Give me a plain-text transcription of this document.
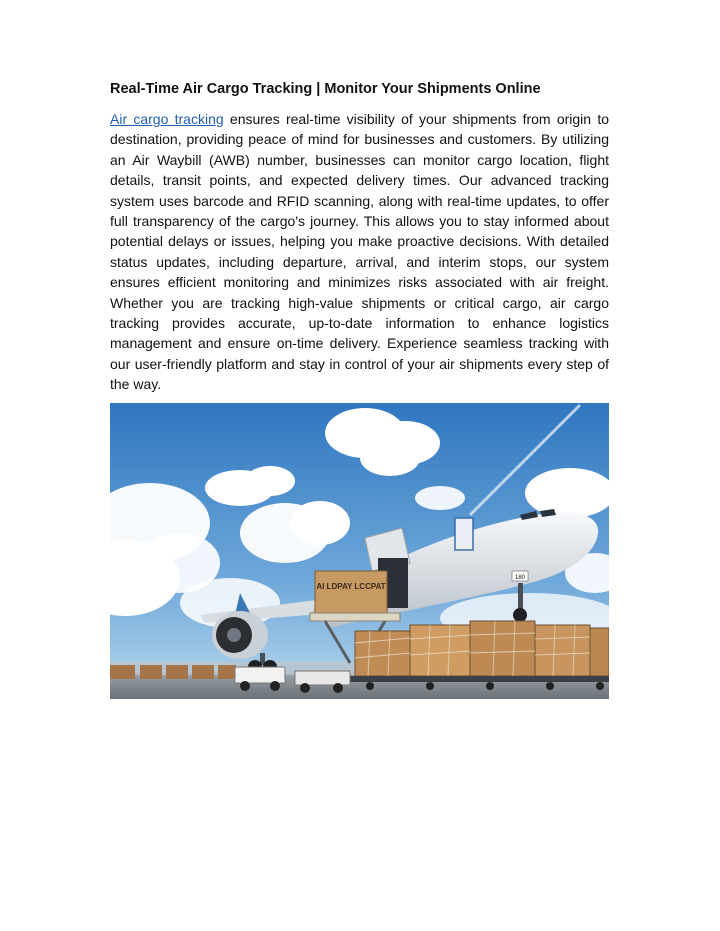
Real-Time Air Cargo Tracking | Monitor Your Shipments Online

Air cargo tracking ensures real-time visibility of your shipments from origin to destination, providing peace of mind for businesses and customers. By utilizing an Air Waybill (AWB) number, businesses can monitor cargo location, flight details, transit points, and expected delivery times. Our advanced tracking system uses barcode and RFID scanning, along with real-time updates, to offer full transparency of the cargo's journey. This allows you to stay informed about potential delays or issues, helping you make proactive decisions. With detailed status updates, including departure, arrival, and interim stops, our system ensures efficient monitoring and minimizes risks associated with air freight. Whether you are tracking high-value shipments or critical cargo, air cargo tracking provides accurate, up-to-date information to enhance logistics management and ensure on-time delivery. Experience seamless tracking with our user-friendly platform and stay in control of your air shipments every step of the way.

AI LDPAY LCCPAT
180
